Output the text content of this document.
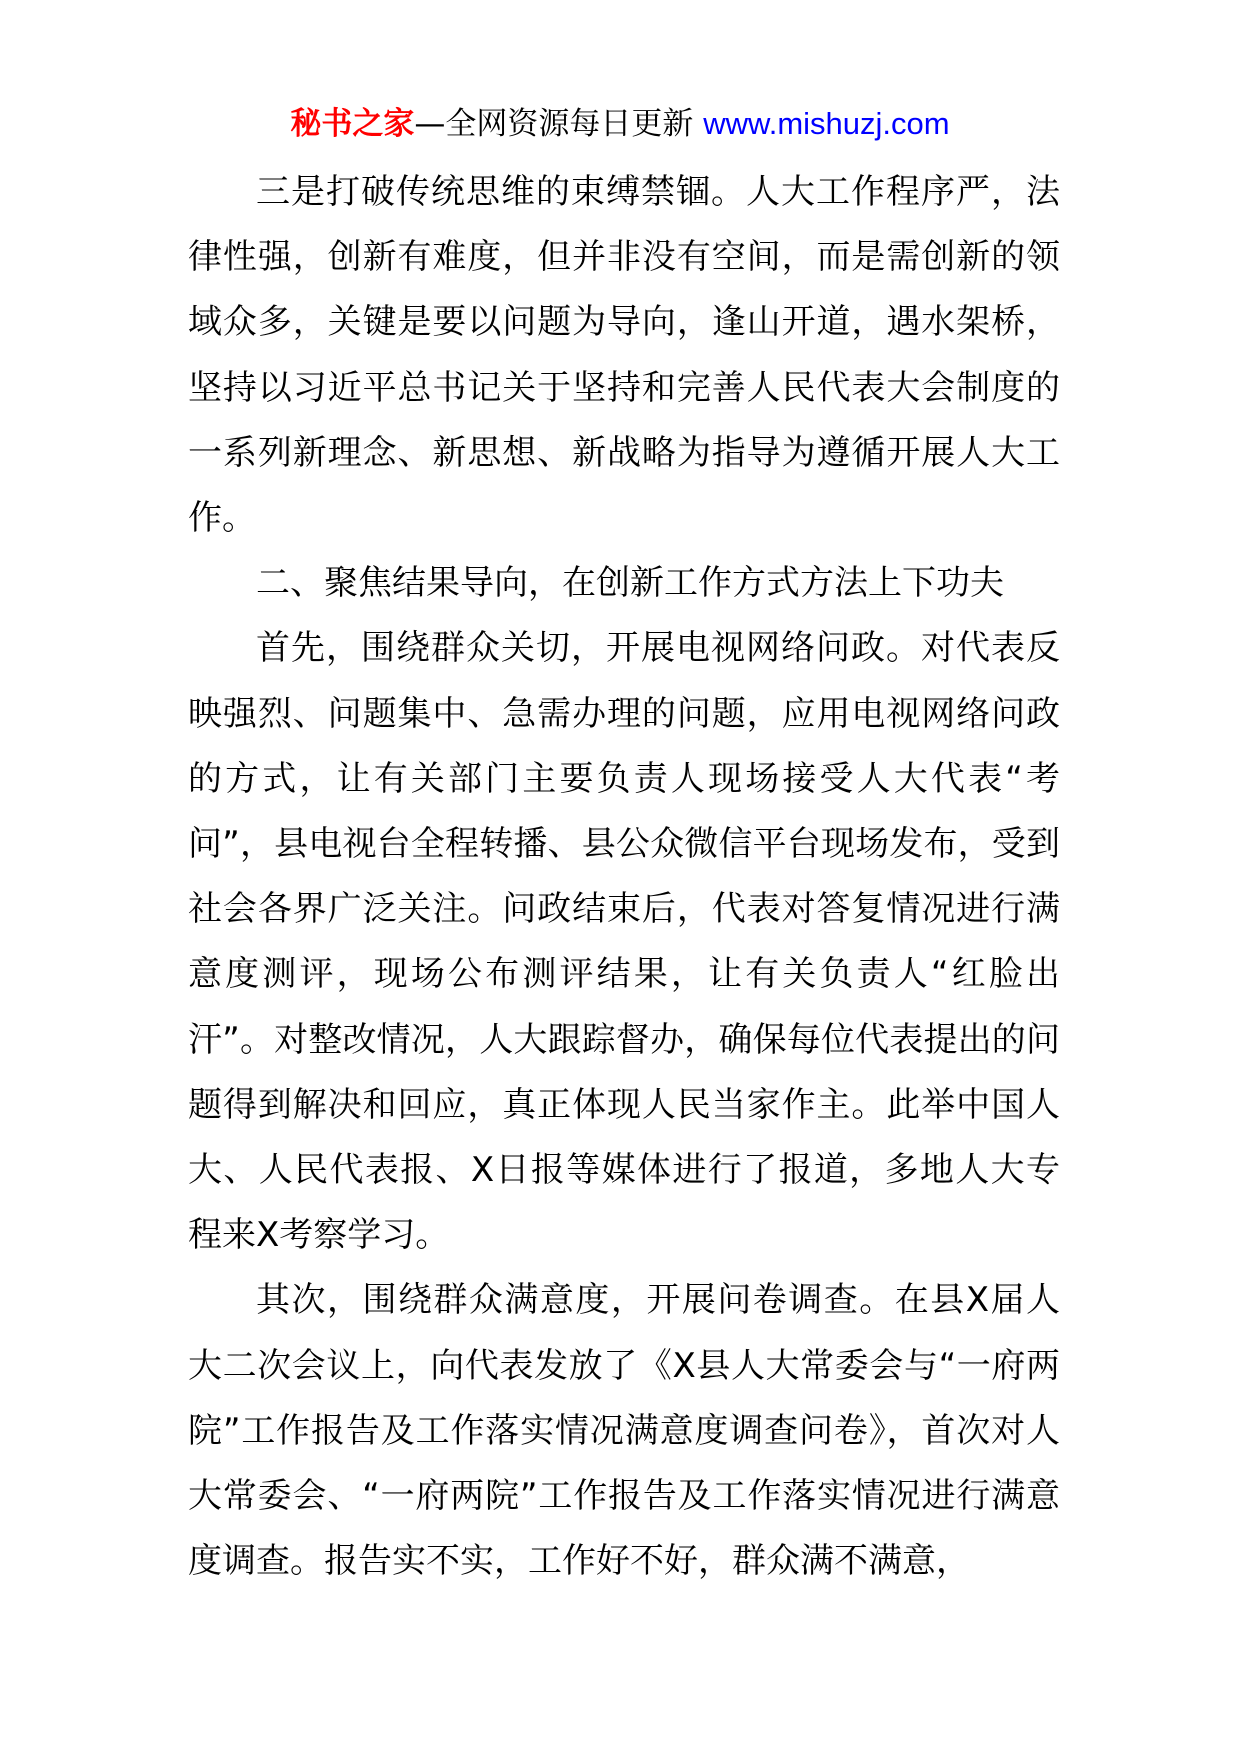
秘书之家—全网资源每日更新 www.mishuzj.com

三是打破传统思维的束缚禁锢。人大工作程序严，法律性强，创新有难度，但并非没有空间，而是需创新的领域众多，关键是要以问题为导向，逢山开道，遇水架桥，坚持以习近平总书记关于坚持和完善人民代表大会制度的一系列新理念、新思想、新战略为指导为遵循开展人大工作。

二、聚焦结果导向，在创新工作方式方法上下功夫

首先，围绕群众关切，开展电视网络问政。对代表反映强烈、问题集中、急需办理的问题，应用电视网络问政的方式，让有关部门主要负责人现场接受人大代表“考问”，县电视台全程转播、县公众微信平台现场发布，受到社会各界广泛关注。问政结束后，代表对答复情况进行满意度测评，现场公布测评结果，让有关负责人“红脸出汗”。对整改情况，人大跟踪督办，确保每位代表提出的问题得到解决和回应，真正体现人民当家作主。此举中国人大、人民代表报、X日报等媒体进行了报道，多地人大专程来X考察学习。

其次，围绕群众满意度，开展问卷调查。在县X届人大二次会议上，向代表发放了《X县人大常委会与“一府两院”工作报告及工作落实情况满意度调查问卷》，首次对人大常委会、“一府两院”工作报告及工作落实情况进行满意度调查。报告实不实，工作好不好，群众满不满意，
